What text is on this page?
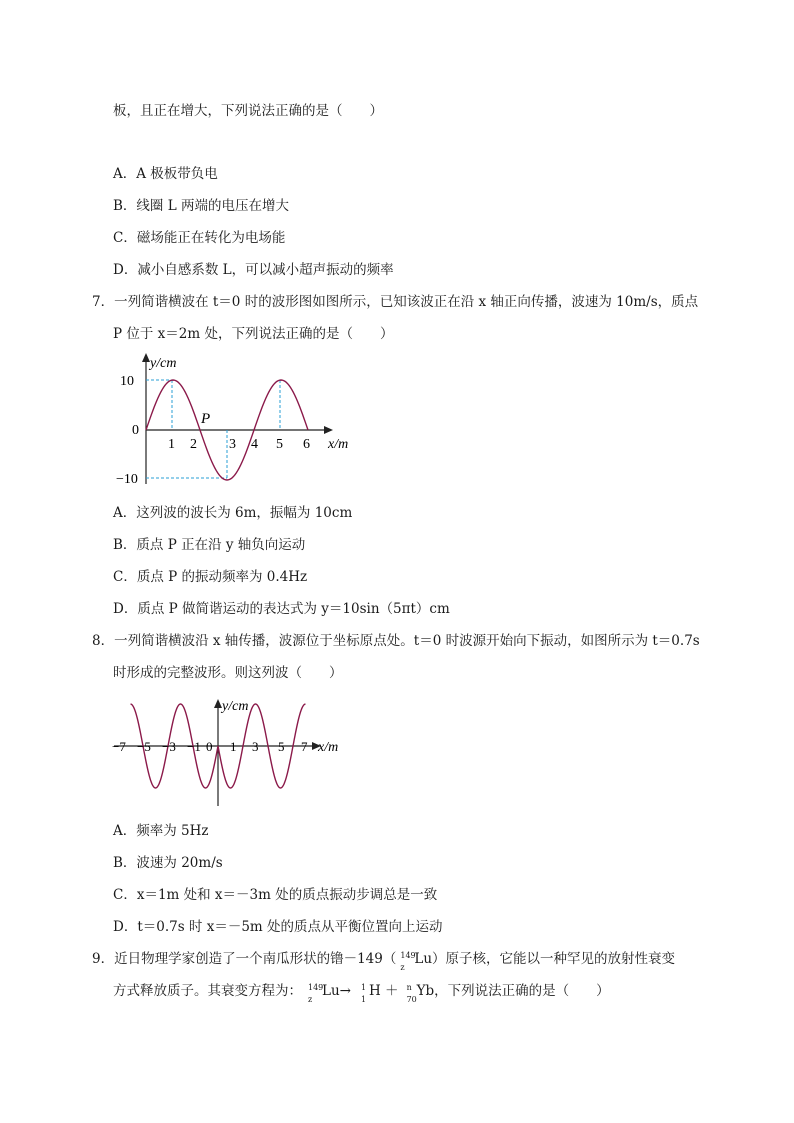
板，且正在增大，下列说法正确的是（　　）
A．A 极板带负电
B．线圈 L 两端的电压在增大
C．磁场能正在转化为电场能
D．减小自感系数 L，可以减小超声振动的频率
7．一列简谐横波在 t＝0 时的波形图如图所示，已知该波正在沿 x 轴正向传播，波速为 10m/s，质点
P 位于 x＝2m 处，下列说法正确的是（　　）
y/cm
x/m
10
0
−10
1 2 3 4 5 6
P
A．这列波的波长为 6m，振幅为 10cm
B．质点 P 正在沿 y 轴负向运动
C．质点 P 的振动频率为 0.4Hz
D．质点 P 做简谐运动的表达式为 y＝10sin（5πt）cm
8．一列简谐横波沿 x 轴传播，波源位于坐标原点处。t＝0 时波源开始向下振动，如图所示为 t＝0.7s
时形成的完整波形。则这列波（　　）
y/cm
x/m
−7 −5 −3 −1 0 1 3 5 7
A．频率为 5Hz
B．波速为 20m/s
C．x＝1m 处和 x＝－3m 处的质点振动步调总是一致
D．t＝0.7s 时 x＝－5m 处的质点从平衡位置向上运动
9．近日物理学家创造了一个南瓜形状的镥－149（ 149
z
Lu）原子核，它能以一种罕见的放射性衰变
方式释放质子。其衰变方程为： 149
z
Lu→ 1
1
H ＋ n
70
Yb，下列说法正确的是（　　）
